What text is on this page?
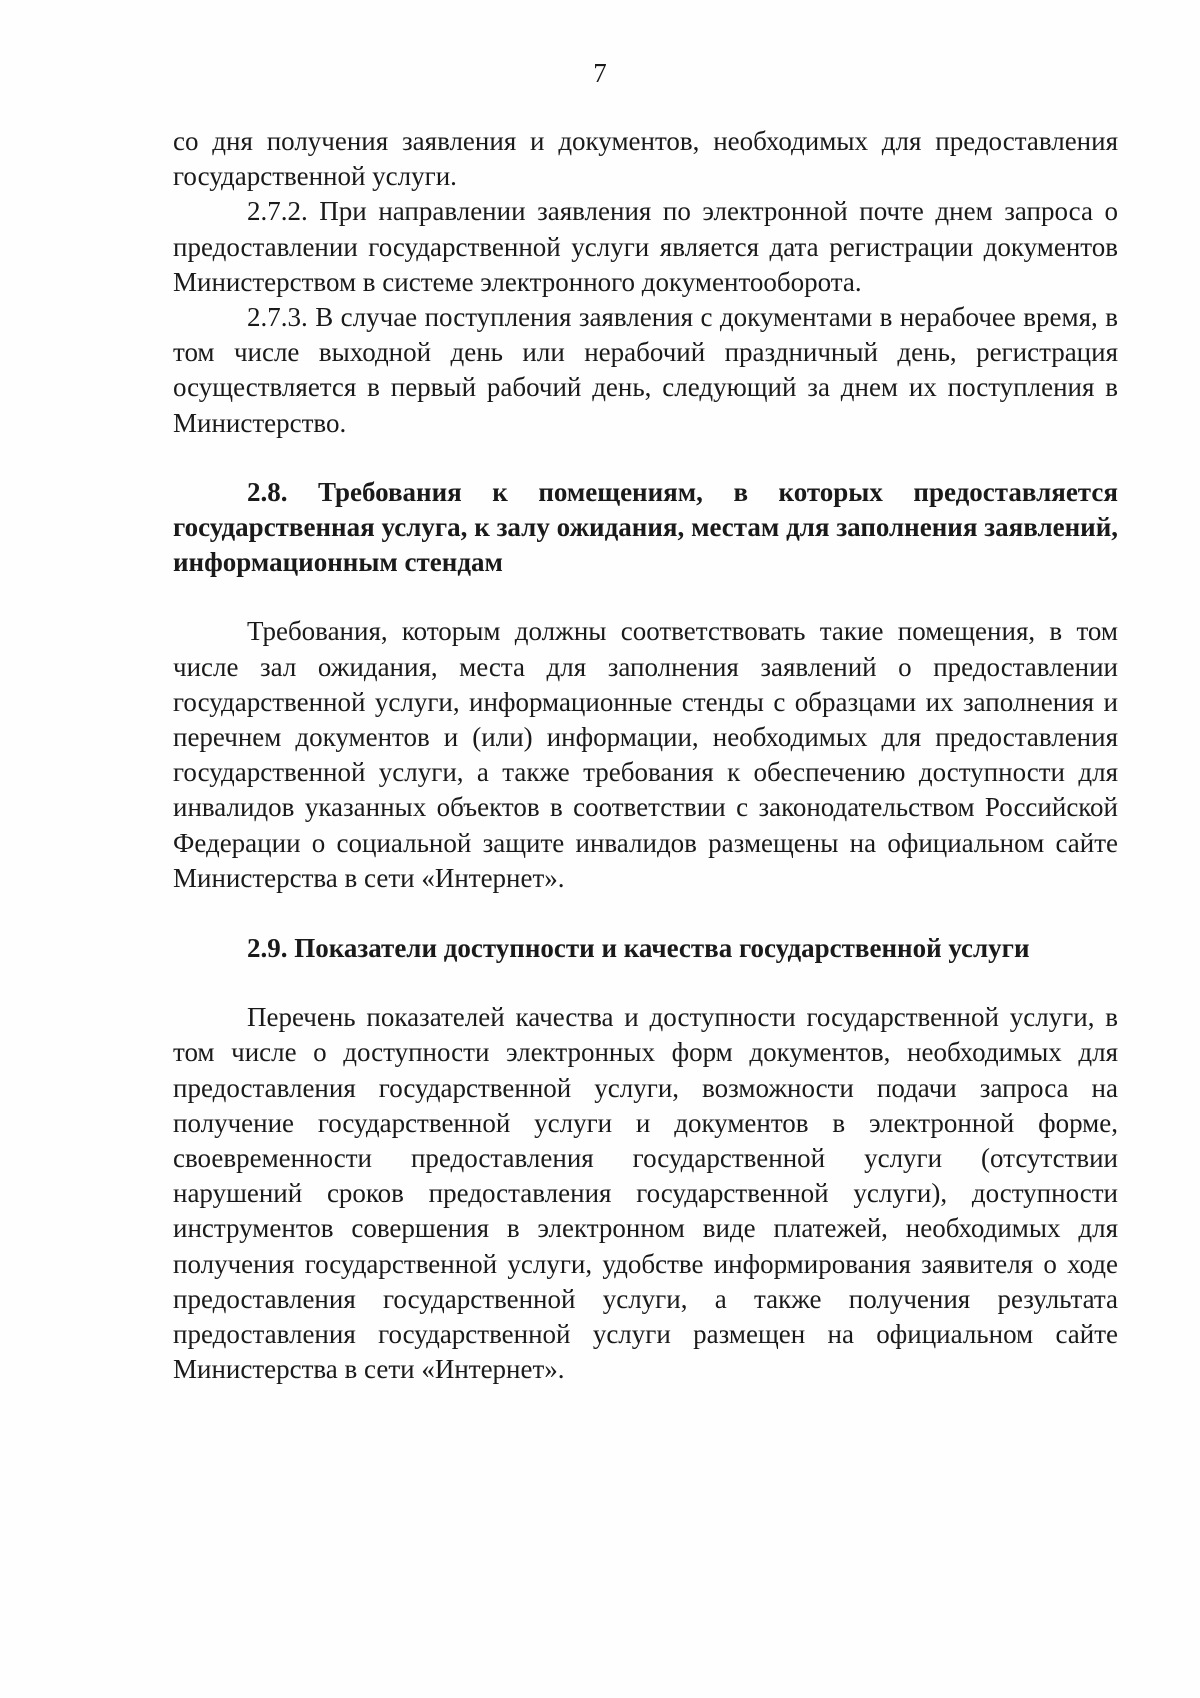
7

со дня получения заявления и документов, необходимых для предоставления государственной услуги.

2.7.2. При направлении заявления по электронной почте днем запроса о предоставлении государственной услуги является дата регистрации документов Министерством в системе электронного документооборота.

2.7.3. В случае поступления заявления с документами в нерабочее время, в том числе выходной день или нерабочий праздничный день, регистрация осуществляется в первый рабочий день, следующий за днем их поступления в Министерство.

2.8. Требования к помещениям, в которых предоставляется государственная услуга, к залу ожидания, местам для заполнения заявлений, информационным стендам

Требования, которым должны соответствовать такие помещения, в том числе зал ожидания, места для заполнения заявлений о предоставлении государственной услуги, информационные стенды с образцами их заполнения и перечнем документов и (или) информации, необходимых для предоставления государственной услуги, а также требования к обеспечению доступности для инвалидов указанных объектов в соответствии с законодательством Российской Федерации о социальной защите инвалидов размещены на официальном сайте Министерства в сети «Интернет».

2.9. Показатели доступности и качества государственной услуги

Перечень показателей качества и доступности государственной услуги, в том числе о доступности электронных форм документов, необходимых для предоставления государственной услуги, возможности подачи запроса на получение государственной услуги и документов в электронной форме, своевременности предоставления государственной услуги (отсутствии нарушений сроков предоставления государственной услуги), доступности инструментов совершения в электронном виде платежей, необходимых для получения государственной услуги, удобстве информирования заявителя о ходе предоставления государственной услуги, а также получения результата предоставления государственной услуги размещен на официальном сайте Министерства в сети «Интернет».
